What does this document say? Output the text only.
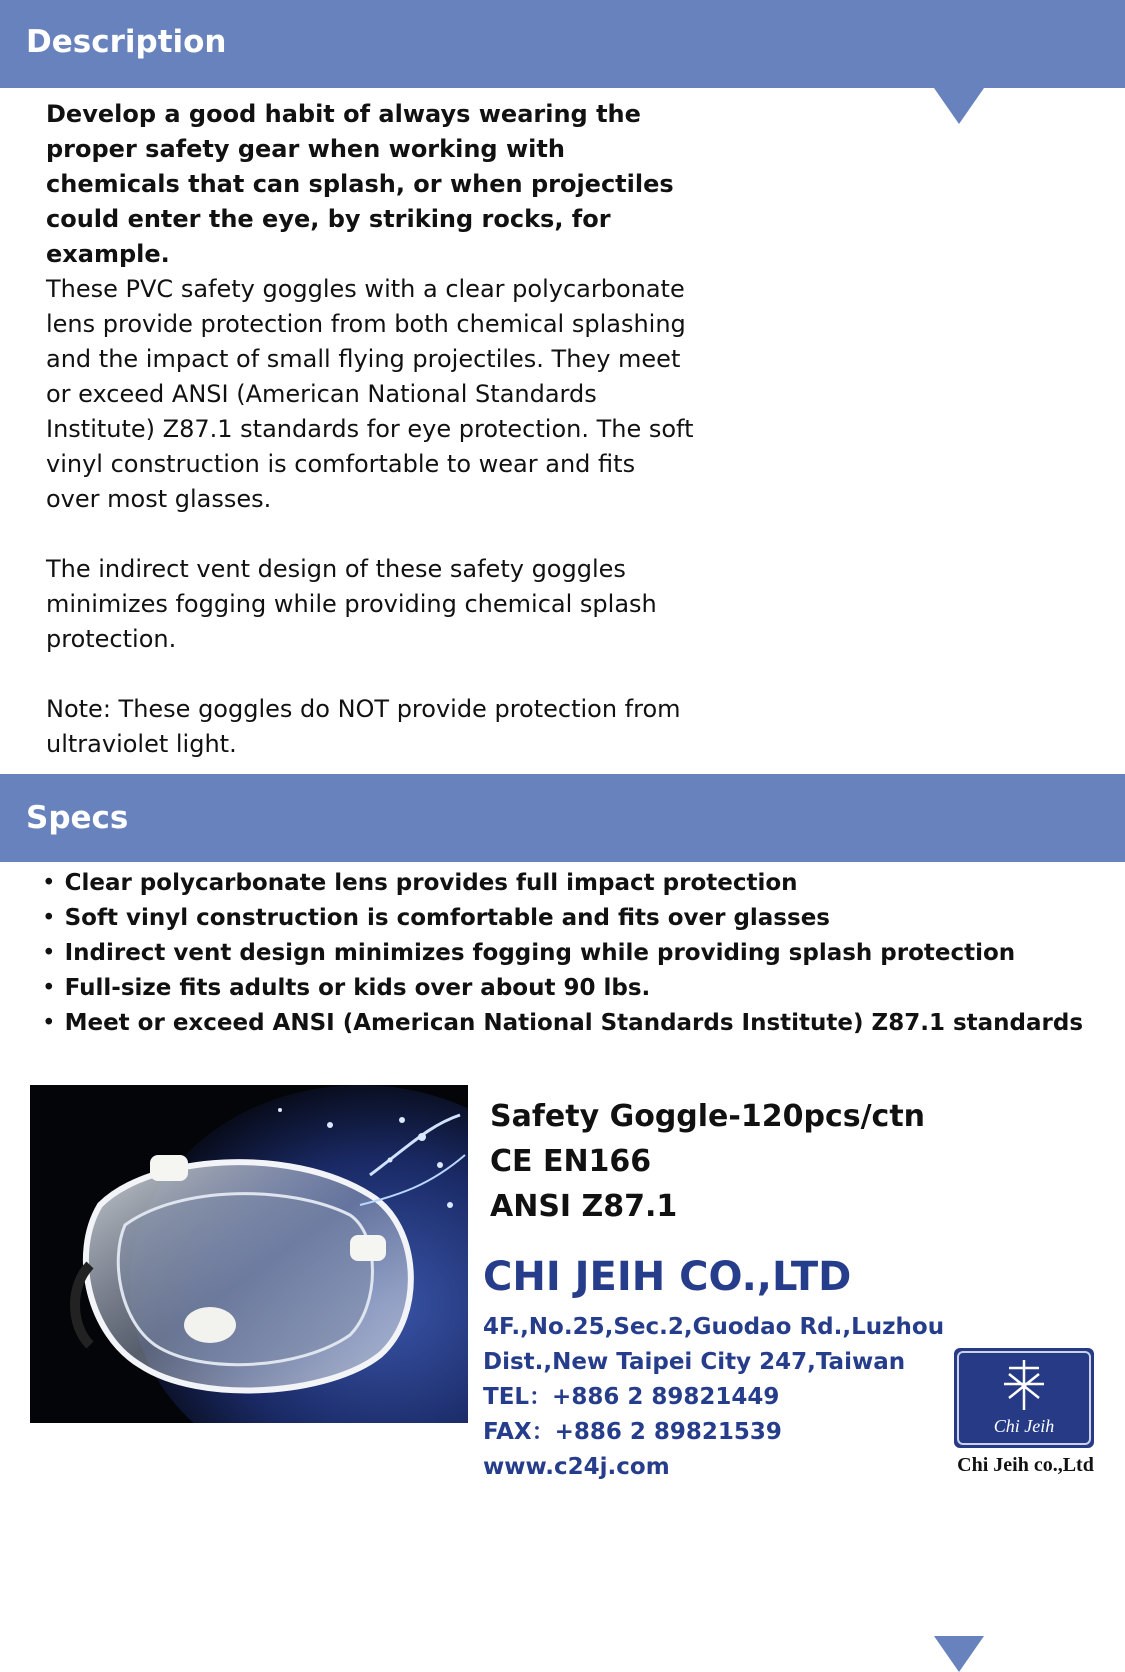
Description

Develop a good habit of always wearing the proper safety gear when working with chemicals that can splash, or when projectiles could enter the eye, by striking rocks, for example.

These PVC safety goggles with a clear polycarbonate lens provide protection from both chemical splashing and the impact of small flying projectiles. They meet or exceed ANSI (American National Standards Institute) Z87.1 standards for eye protection. The soft vinyl construction is comfortable to wear and fits over most glasses.

The indirect vent design of these safety goggles minimizes fogging while providing chemical splash protection.

Note: These goggles do NOT provide protection from ultraviolet light.

Specs
• Clear polycarbonate lens provides full impact protection
• Soft vinyl construction is comfortable and fits over glasses
• Indirect vent design minimizes fogging while providing splash protection
• Full-size fits adults or kids over about 90 lbs.
• Meet or exceed ANSI (American National Standards Institute) Z87.1 standards
Safety Goggle-120pcs/ctn
CE EN166
ANSI Z87.1
CHI JEIH CO.,LTD
4F.,No.25,Sec.2,Guodao Rd.,Luzhou
Dist.,New Taipei City 247,Taiwan
TEL：+886 2 89821449
FAX：+886 2 89821539
www.c24j.com
Chi Jeih
Chi Jeih co.,Ltd
